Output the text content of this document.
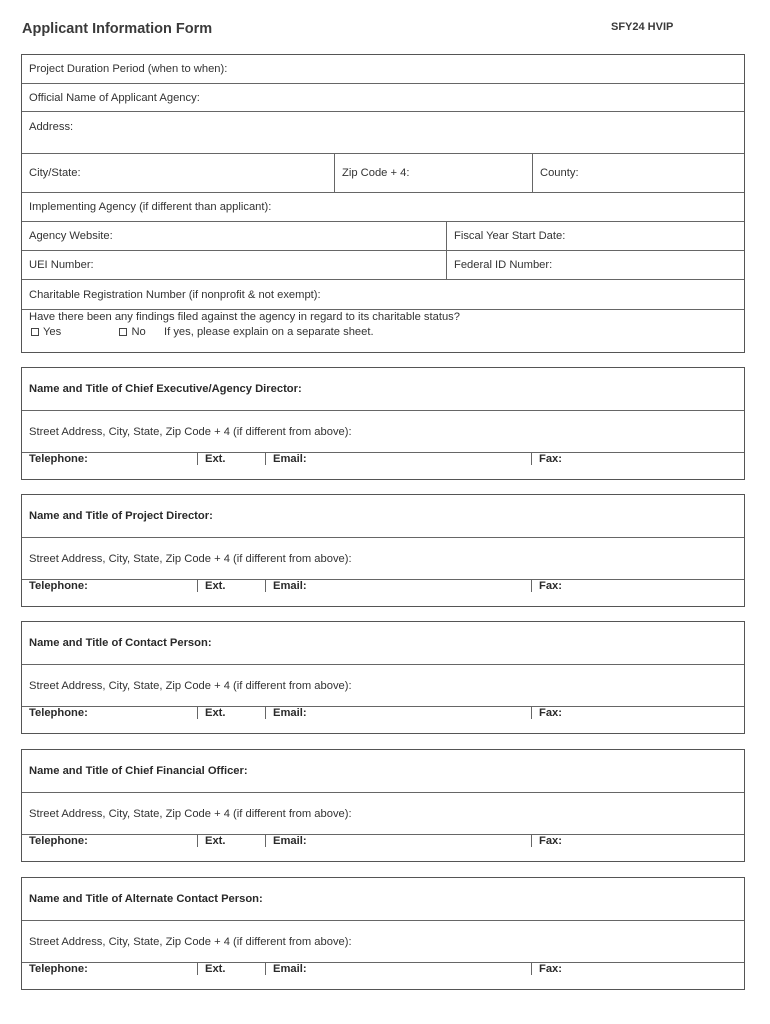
Applicant Information Form	SFY24 HVIP
Project Duration Period (when to when):
Official Name of Applicant Agency:
Address:
City/State:	Zip Code + 4:	County:
Implementing Agency (if different than applicant):
Agency Website:	Fiscal Year Start Date:
UEI Number:	Federal ID Number:
Charitable Registration Number (if nonprofit & not exempt):
Have there been any findings filed against the agency in regard to its charitable status?
Yes	No If yes, please explain on a separate sheet.
Name and Title of Chief Executive/Agency Director:
Street Address, City, State, Zip Code + 4 (if different from above):
Telephone:	Ext.	Email:	Fax:
Name and Title of Project Director:
Street Address, City, State, Zip Code + 4 (if different from above):
Telephone:	Ext.	Email:	Fax:
Name and Title of Contact Person:
Street Address, City, State, Zip Code + 4 (if different from above):
Telephone:	Ext.	Email:	Fax:
Name and Title of Chief Financial Officer:
Street Address, City, State, Zip Code + 4 (if different from above):
Telephone:	Ext.	Email:	Fax:
Name and Title of Alternate Contact Person:
Street Address, City, State, Zip Code + 4 (if different from above):
Telephone:	Ext.	Email:	Fax:
